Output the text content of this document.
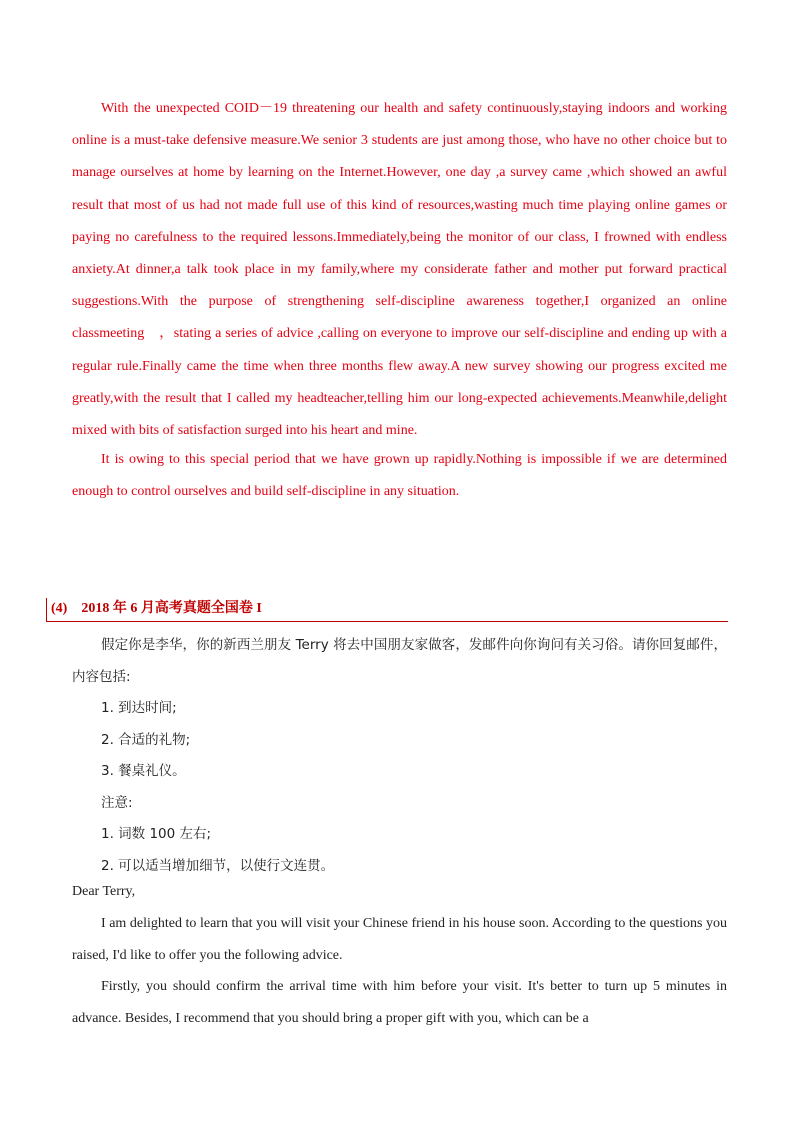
With the unexpected COID－19 threatening our health and safety continuously,staying indoors and working online is a must-take defensive measure.We senior 3 students are just among those, who have no other choice but to manage ourselves at home by learning on the Internet.However, one day ,a survey came ,which showed an awful result that most of us had not made full use of this kind of resources,wasting much time playing online games or paying no carefulness to the required lessons.Immediately,being the monitor of our class, I frowned with endless anxiety.At dinner,a talk took place in my family,where my considerate father and mother put forward practical suggestions.With the purpose of strengthening self-discipline awareness together,I organized an online classmeeting　，stating a series of advice ,calling on everyone to improve our self-discipline and ending up with a regular rule.Finally came the time when three months flew away.A new survey showing our progress excited me greatly,with the result that I called my headteacher,telling him our long-expected achievements.Meanwhile,delight mixed with bits of satisfaction surged into his heart and mine.

It is owing to this special period that we have grown up rapidly.Nothing is impossible if we are determined enough to control ourselves and build self-discipline in any situation.

(4) 2018 年 6 月高考真题全国卷 I

假定你是李华，你的新西兰朋友 Terry 将去中国朋友家做客，发邮件向你询问有关习俗。请你回复邮件，内容包括:

1. 到达时间;

2. 合适的礼物;

3. 餐桌礼仪。

注意:

1. 词数 100 左右;

2. 可以适当增加细节，以使行文连贯。

Dear Terry,

I am delighted to learn that you will visit your Chinese friend in his house soon. According to the questions you raised, I'd like to offer you the following advice.

Firstly, you should confirm the arrival time with him before your visit. It's better to turn up 5 minutes in advance. Besides, I recommend that you should bring a proper gift with you, which can be a
